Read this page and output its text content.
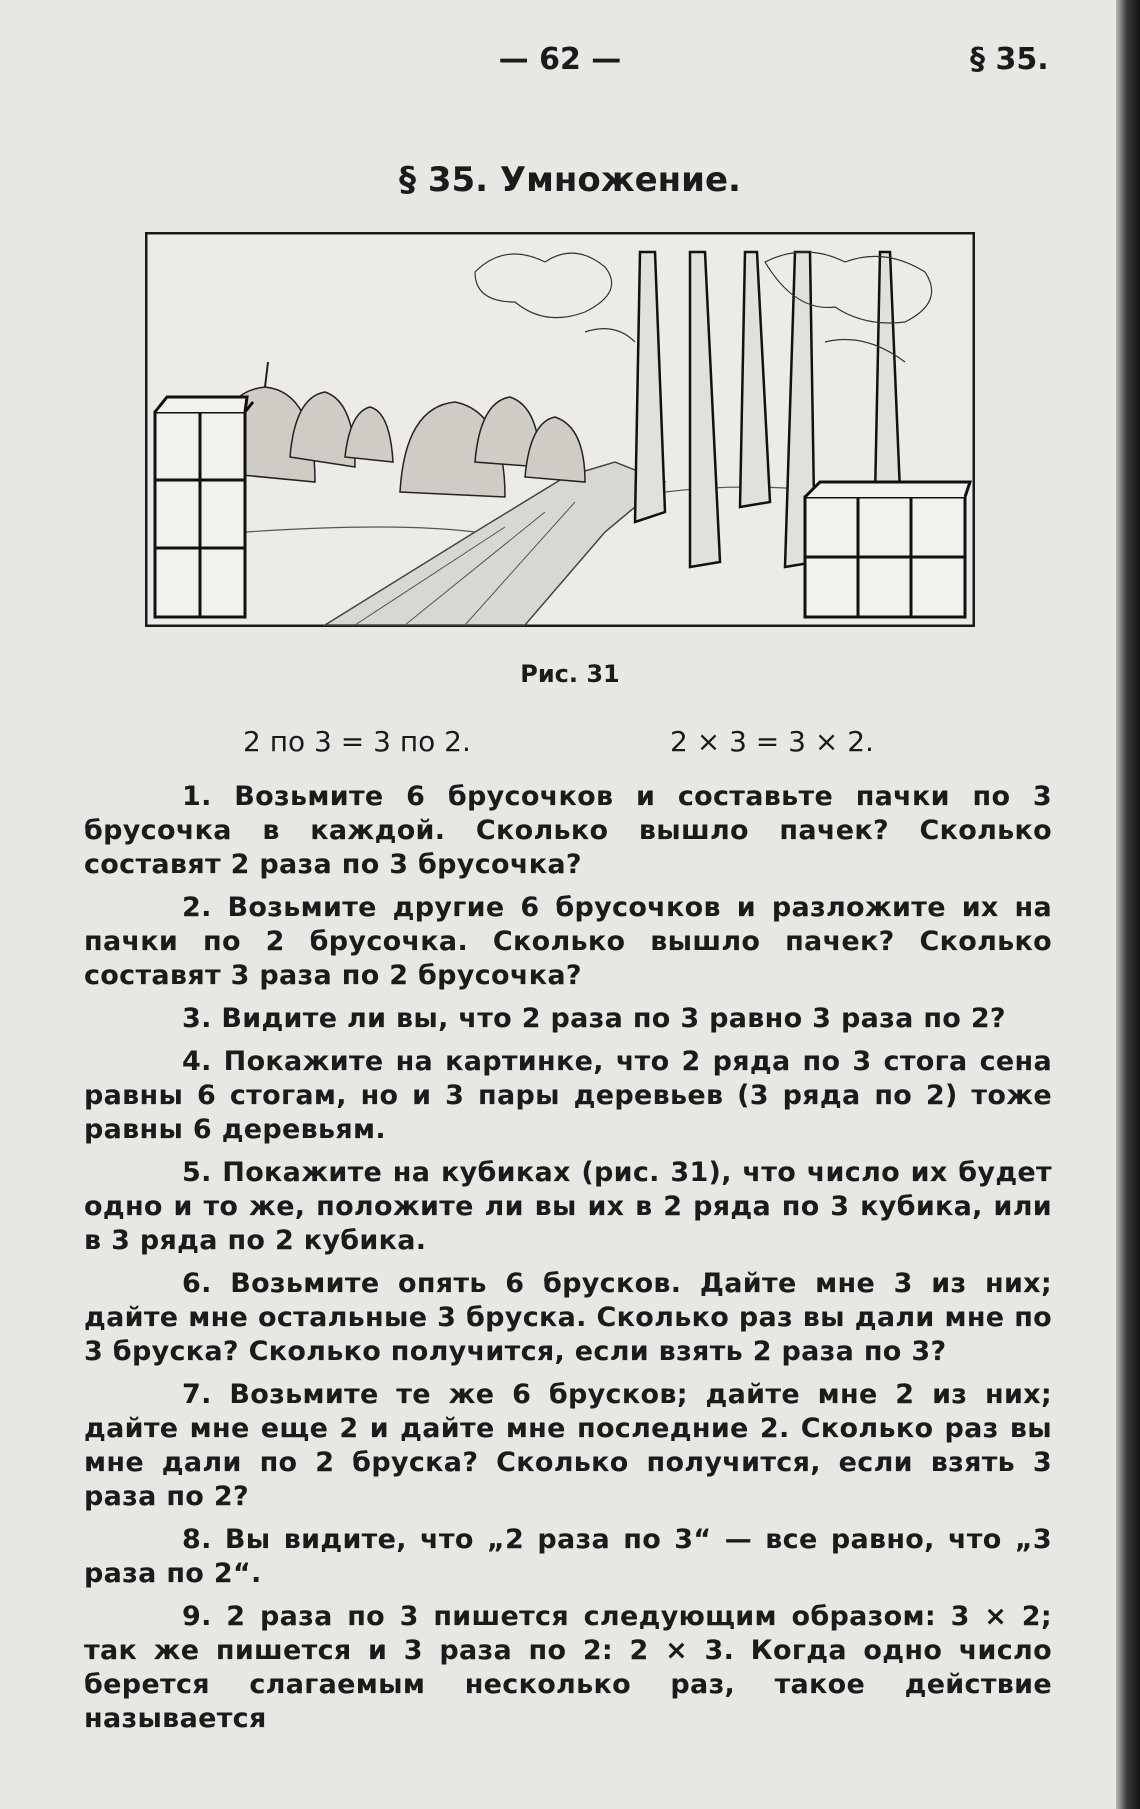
— 62 —	§ 35.
§ 35. Умножение.
Рис. 31
2 по 3 = 3 по 2.	2 × 3 = 3 × 2.

1. Возьмите 6 брусочков и составьте пачки по 3 брусочка в каждой. Сколько вышло пачек? Сколько составят 2 раза по 3 брусочка?

2. Возьмите другие 6 брусочков и разложите их на пачки по 2 брусочка. Сколько вышло пачек? Сколько составят 3 раза по 2 брусочка?

3. Видите ли вы, что 2 раза по 3 равно 3 раза по 2?

4. Покажите на картинке, что 2 ряда по 3 стога сена равны 6 стогам, но и 3 пары деревьев (3 ряда по 2) тоже равны 6 деревьям.

5. Покажите на кубиках (рис. 31), что число их будет одно и то же, положите ли вы их в 2 ряда по 3 кубика, или в 3 ряда по 2 кубика.

6. Возьмите опять 6 брусков. Дайте мне 3 из них; дайте мне остальные 3 бруска. Сколько раз вы дали мне по 3 бруска? Сколько получится, если взять 2 раза по 3?

7. Возьмите те же 6 брусков; дайте мне 2 из них; дайте мне еще 2 и дайте мне последние 2. Сколько раз вы мне дали по 2 бруска? Сколько получится, если взять 3 раза по 2?

8. Вы видите, что „2 раза по 3“ — все равно, что „3 раза по 2“.

9. 2 раза по 3 пишется следующим образом: 3 × 2; так же пишется и 3 раза по 2: 2 × 3. Когда одно число берется слагаемым несколько раз, такое действие называется
